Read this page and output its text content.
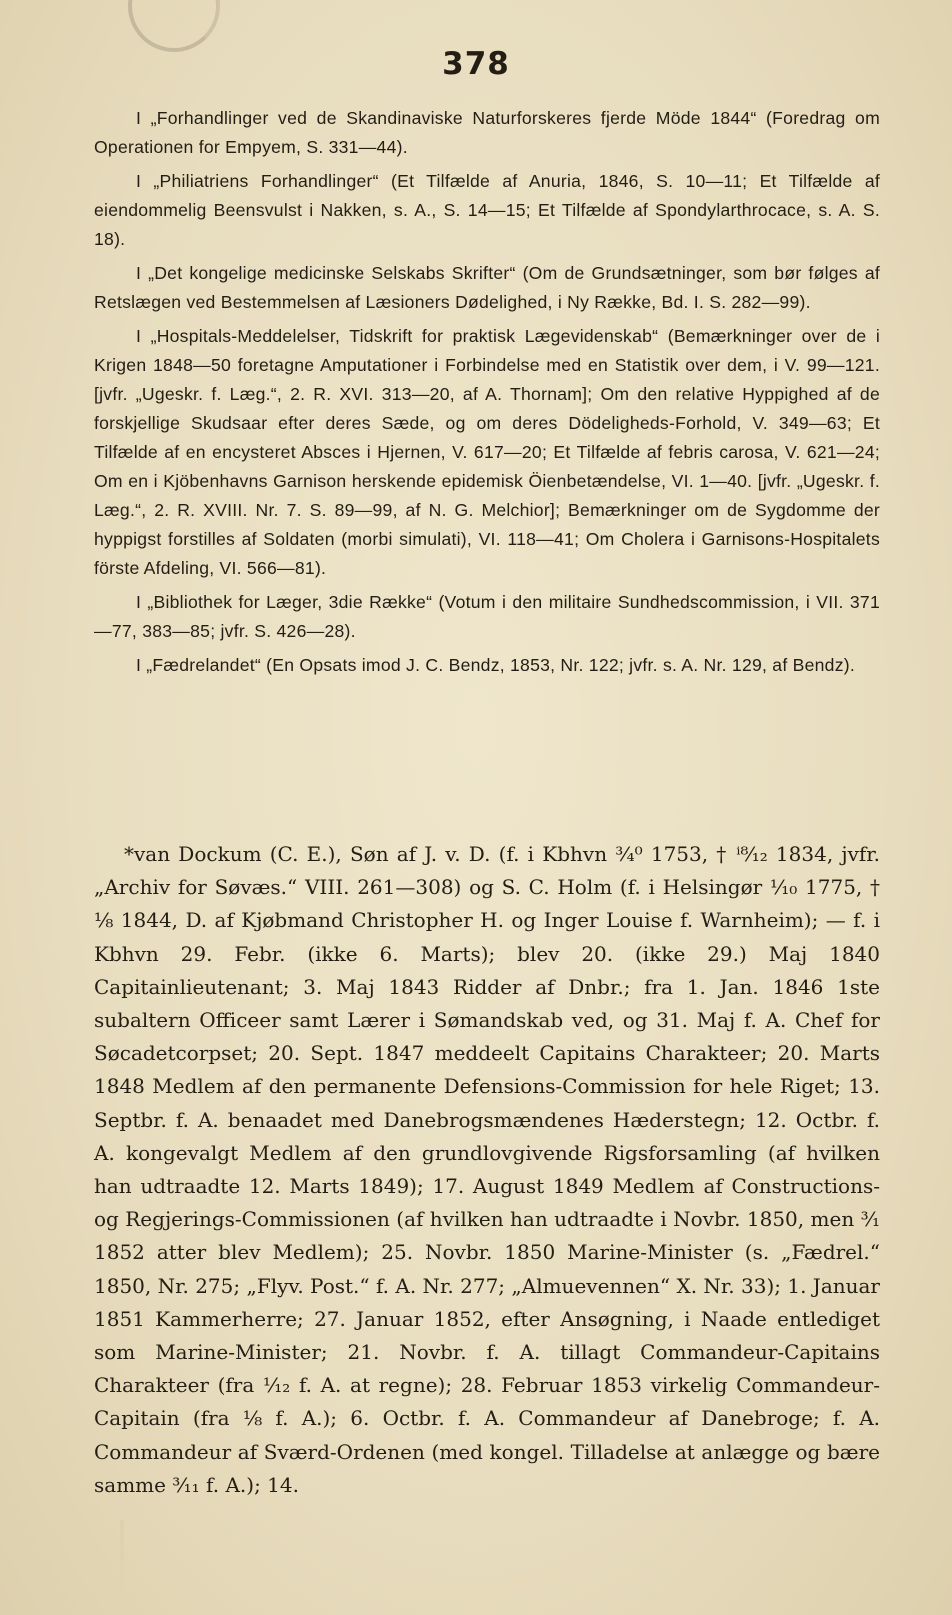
378

I „Forhandlinger ved de Skandinaviske Naturforskeres fjerde Möde 1844“ (Foredrag om Operationen for Empyem, S. 331—44).

I „Philiatriens Forhandlinger“ (Et Tilfælde af Anuria, 1846, S. 10—11; Et Tilfælde af eiendommelig Beensvulst i Nakken, s. A., S. 14—15; Et Tilfælde af Spondylarthrocace, s. A. S. 18).

I „Det kongelige medicinske Selskabs Skrifter“ (Om de Grundsætninger, som bør følges af Retslægen ved Bestemmelsen af Læsioners Dødelighed, i Ny Række, Bd. I. S. 282—99).

I „Hospitals-Meddelelser, Tidskrift for praktisk Lægevidenskab“ (Bemærkninger over de i Krigen 1848—50 foretagne Amputationer i Forbindelse med en Statistik over dem, i V. 99—121. [jvfr. „Ugeskr. f. Læg.“, 2. R. XVI. 313—20, af A. Thornam]; Om den relative Hyppighed af de forskjellige Skudsaar efter deres Sæde, og om deres Dödeligheds-Forhold, V. 349—63; Et Tilfælde af en encysteret Absces i Hjernen, V. 617—20; Et Tilfælde af febris carosa, V. 621—24; Om en i Kjöbenhavns Garnison herskende epidemisk Öienbetændelse, VI. 1—40. [jvfr. „Ugeskr. f. Læg.“, 2. R. XVIII. Nr. 7. S. 89—99, af N. G. Melchior]; Bemærkninger om de Sygdomme der hyppigst forstilles af Soldaten (morbi simulati), VI. 118—41; Om Cholera i Garnisons-Hospitalets förste Afdeling, VI. 566—81).

I „Bibliothek for Læger, 3die Række“ (Votum i den militaire Sundhedscommission, i VII. 371—77, 383—85; jvfr. S. 426—28).

I „Fædrelandet“ (En Opsats imod J. C. Bendz, 1853, Nr. 122; jvfr. s. A. Nr. 129, af Bendz).

*van Dockum (C. E.), Søn af J. v. D. (f. i Kbhvn ¾⁰ 1753, † ⁱ⁸⁄₁₂ 1834, jvfr. „Archiv for Søvæs.“ VIII. 261—308) og S. C. Holm (f. i Helsingør ¹⁄₁₀ 1775, † ⅛ 1844, D. af Kjøbmand Christopher H. og Inger Louise f. Warnheim); — f. i Kbhvn 29. Febr. (ikke 6. Marts); blev 20. (ikke 29.) Maj 1840 Capitainlieutenant; 3. Maj 1843 Ridder af Dnbr.; fra 1. Jan. 1846 1ste subaltern Officeer samt Lærer i Sømandskab ved, og 31. Maj f. A. Chef for Søcadetcorpset; 20. Sept. 1847 meddeelt Capitains Charakteer; 20. Marts 1848 Medlem af den permanente Defensions-Commission for hele Riget; 13. Septbr. f. A. benaadet med Danebrogsmændenes Hæderstegn; 12. Octbr. f. A. kongevalgt Medlem af den grundlovgivende Rigsforsamling (af hvilken han udtraadte 12. Marts 1849); 17. August 1849 Medlem af Constructions- og Regjerings-Commissionen (af hvilken han udtraadte i Novbr. 1850, men ³⁄₁ 1852 atter blev Medlem); 25. Novbr. 1850 Marine-Minister (s. „Fædrel.“ 1850, Nr. 275; „Flyv. Post.“ f. A. Nr. 277; „Almuevennen“ X. Nr. 33); 1. Januar 1851 Kammerherre; 27. Januar 1852, efter Ansøgning, i Naade entlediget som Marine-Minister; 21. Novbr. f. A. tillagt Commandeur-Capitains Charakteer (fra ¹⁄₁₂ f. A. at regne); 28. Februar 1853 virkelig Commandeur-Capitain (fra ⅛ f. A.); 6. Octbr. f. A. Commandeur af Danebroge; f. A. Commandeur af Sværd-Ordenen (med kongel. Tilladelse at anlægge og bære samme ³⁄₁₁ f. A.); 14.
